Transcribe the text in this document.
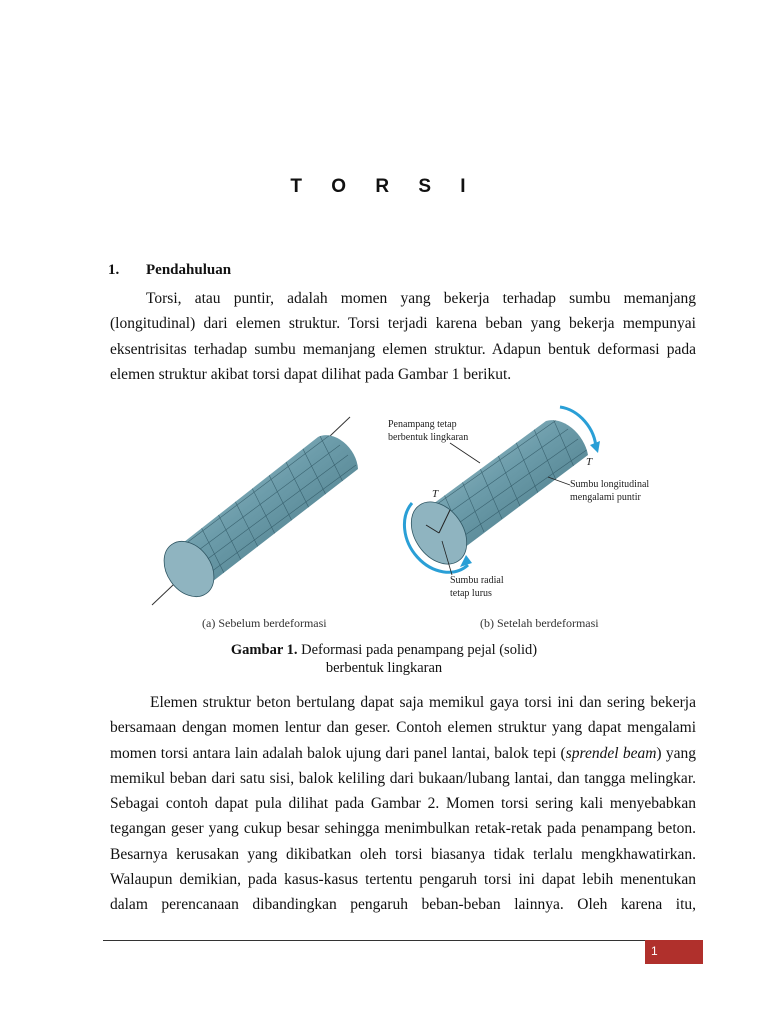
T O R S I
1. Pendahuluan
Torsi, atau puntir, adalah momen yang bekerja terhadap sumbu memanjang
(longitudinal) dari elemen struktur. Torsi terjadi karena beban yang bekerja mempunyai
eksentrisitas terhadap sumbu memanjang elemen struktur. Adapun bentuk deformasi pada
elemen struktur akibat torsi dapat dilihat pada Gambar 1 berikut.
(a) Sebelum berdeformasi
T
T
Penampang tetap
berbentuk lingkaran
Sumbu longitudinal
mengalami puntir
Sumbu radial
tetap lurus
(b) Setelah berdeformasi
Gambar 1. Deformasi pada penampang pejal (solid)
berbentuk lingkaran
Elemen struktur beton bertulang dapat saja memikul gaya torsi ini dan sering bekerja
bersamaan dengan momen lentur dan geser. Contoh elemen struktur yang dapat mengalami
momen torsi antara lain adalah balok ujung dari panel lantai, balok tepi (sprendel beam) yang
memikul beban dari satu sisi, balok keliling dari bukaan/lubang lantai, dan tangga melingkar.
Sebagai contoh dapat pula dilihat pada Gambar 2. Momen torsi sering kali menyebabkan
tegangan geser yang cukup besar sehingga menimbulkan retak-retak pada penampang beton.
Besarnya kerusakan yang dikibatkan oleh torsi biasanya tidak terlalu mengkhawatirkan.
Walaupun demikian, pada kasus-kasus tertentu pengaruh torsi ini dapat lebih menentukan
dalam perencanaan dibandingkan pengaruh beban-beban lainnya. Oleh karena itu,
1
